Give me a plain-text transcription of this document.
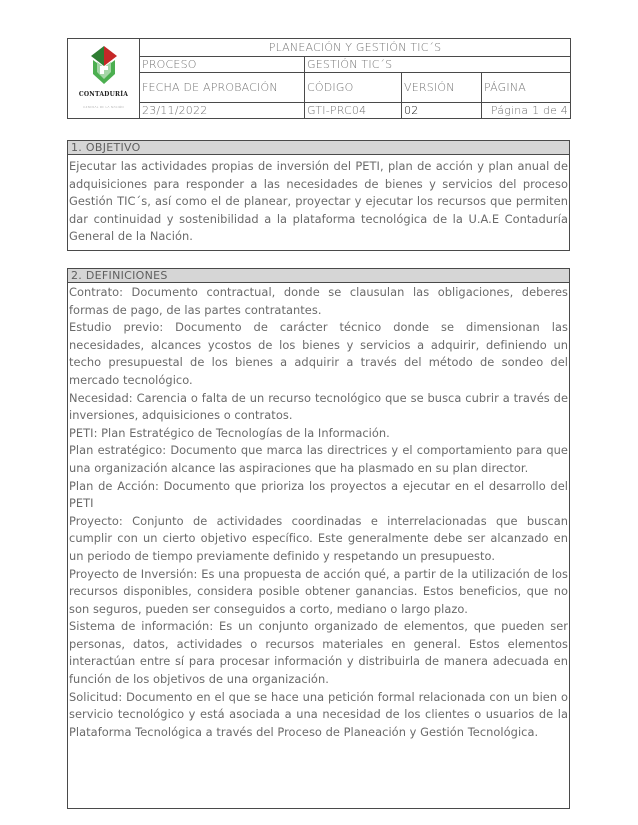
CONTADURÍA
GENERAL DE LA NACIÓN	PLANEACIÓN Y GESTIÓN TIC´S			
	PROCESO	GESTIÓN TIC´S		
	FECHA DE APROBACIÓN	CÓDIGO	VERSIÓN	PÁGINA
	23/11/2022	GTI-PRC04	02	Página 1 de 4
1. OBJETIVO
Ejecutar las actividades propias de inversión del PETI, plan de acción y plan anual de adquisiciones para responder a las necesidades de bienes y servicios del proceso Gestión TIC´s, así como el de planear, proyectar y ejecutar los recursos que permiten dar continuidad y sostenibilidad a la plataforma tecnológica de la U.A.E Contaduría General de la Nación.
2. DEFINICIONES

Contrato: Documento contractual, donde se clausulan las obligaciones, deberes formas de pago, de las partes contratantes.

Estudio previo: Documento de carácter técnico donde se dimensionan las necesidades, alcances ycostos de los bienes y servicios a adquirir, definiendo un techo presupuestal de los bienes a adquirir a través del método de sondeo del mercado tecnológico.

Necesidad: Carencia o falta de un recurso tecnológico que se busca cubrir a través de inversiones, adquisiciones o contratos.

PETI: Plan Estratégico de Tecnologías de la Información.

Plan estratégico: Documento que marca las directrices y el comportamiento para que una organización alcance las aspiraciones que ha plasmado en su plan director.

Plan de Acción: Documento que prioriza los proyectos a ejecutar en el desarrollo del PETI

Proyecto: Conjunto de actividades coordinadas e interrelacionadas que buscan cumplir con un cierto objetivo específico. Este generalmente debe ser alcanzado en un periodo de tiempo previamente definido y respetando un presupuesto.

Proyecto de Inversión: Es una propuesta de acción qué, a partir de la utilización de los recursos disponibles, considera posible obtener ganancias. Estos beneficios, que no son seguros, pueden ser conseguidos a corto, mediano o largo plazo.

Sistema de información: Es un conjunto organizado de elementos, que pueden ser personas, datos, actividades o recursos materiales en general. Estos elementos interactúan entre sí para procesar información y distribuirla de manera adecuada en función de los objetivos de una organización.

Solicitud: Documento en el que se hace una petición formal relacionada con un bien o servicio tecnológico y está asociada a una necesidad de los clientes o usuarios de la Plataforma Tecnológica a través del Proceso de Planeación y Gestión Tecnológica.
